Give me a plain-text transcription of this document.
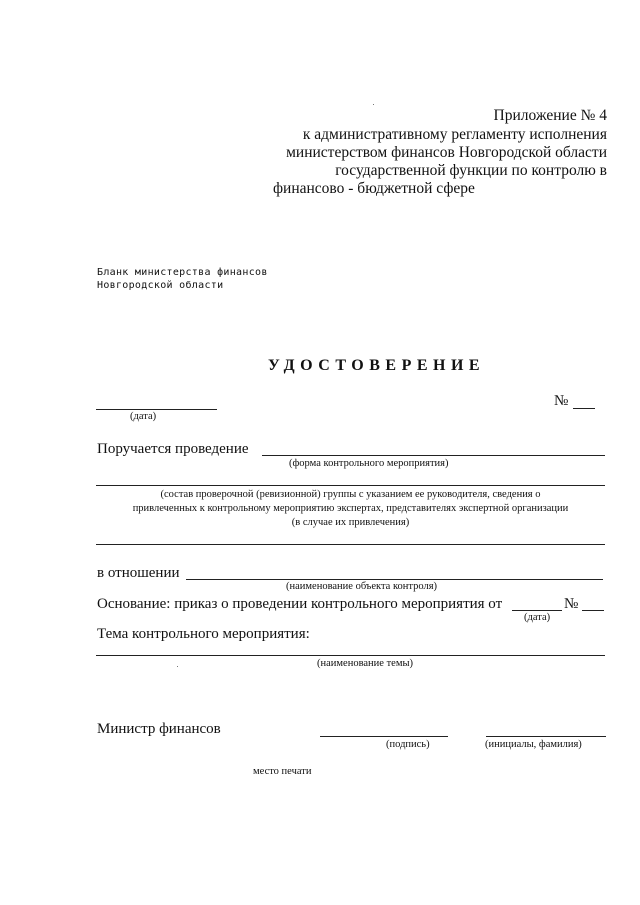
Приложение № 4
к административному регламенту исполнения
министерством финансов Новгородской области
государственной функции по контролю в
финансово - бюджетной сфере
Бланк министерства финансов
Новгородской области
УДОСТОВЕРЕНИЕ
(дата)
№
Поручается проведение
(форма контрольного мероприятия)
(состав проверочной (ревизионной) группы с указанием ее руководителя, сведения о
привлеченных к контрольному мероприятию экспертах, представителях экспертной организации
(в случае их привлечения)
в отношении
(наименование объекта контроля)
Основание: приказ о проведении контрольного мероприятия от	№
(дата)
Тема контрольного мероприятия:
(наименование темы)
Министр финансов
(подпись)	(инициалы, фамилия)
место печати
